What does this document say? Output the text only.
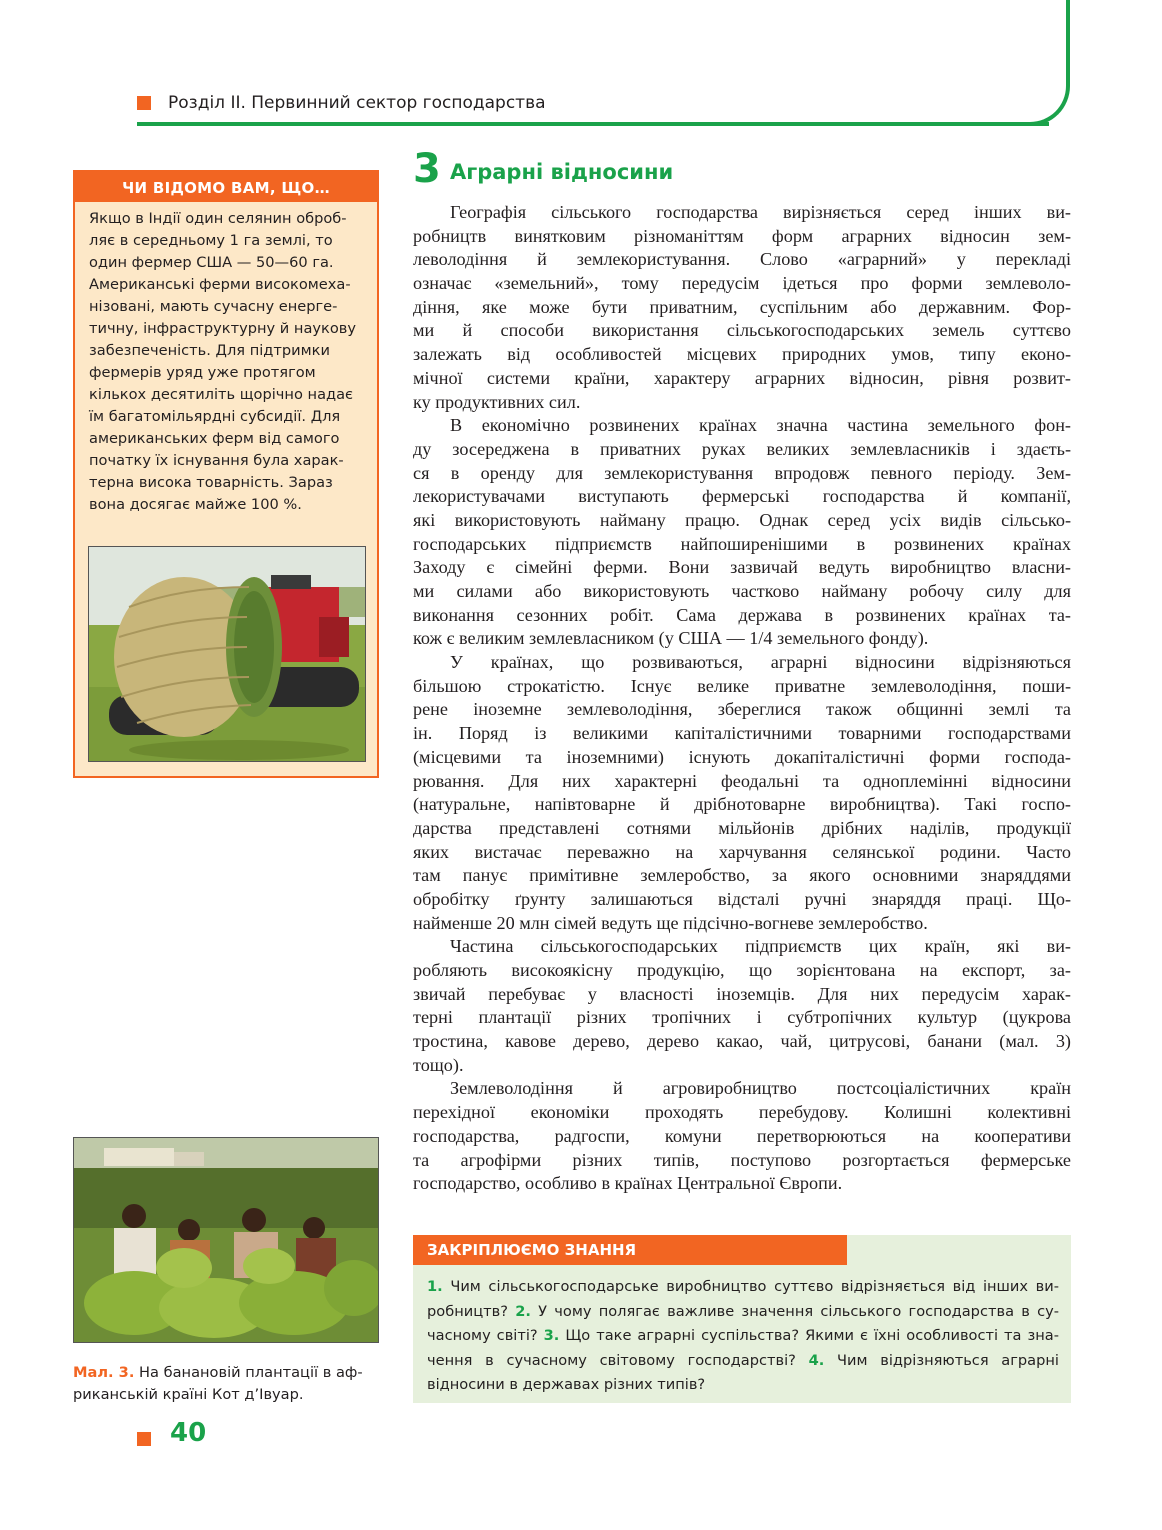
Розділ ІІ. Первинний сектор господарства
ЧИ ВІДОМО ВАМ, ЩО…
Якщо в Індії один селянин оброб-
ляє в середньому 1 га землі, то
один фермер США — 50—60 га.
Американські ферми високомеха-
нізовані, мають сучасну енерге-
тичну, інфраструктурну й наукову
забезпеченість. Для підтримки
фермерів уряд уже протягом
кількох десятиліть щорічно надає
їм багатомільярдні субсидії. Для
американських ферм від самого
початку їх існування була харак-
терна висока товарність. Зараз
вона досягає майже 100 %.
3 Аграрні відносини
Географія сільського господарства вирізняється серед інших ви-
робництв винятковим різноманіттям форм аграрних відносин зем-
леволодіння й землекористування. Слово «аграрний» у перекладі
означає «земельний», тому передусім ідеться про форми землеволо-
діння, яке може бути приватним, суспільним або державним. Фор-
ми й способи використання сільськогосподарських земель суттєво
залежать від особливостей місцевих природних умов, типу еконо-
мічної системи країни, характеру аграрних відносин, рівня розвит-
ку продуктивних сил.
В економічно розвинених країнах значна частина земельного фон-
ду зосереджена в приватних руках великих землевласників і здаєть-
ся в оренду для землекористування впродовж певного періоду. Зем-
лекористувачами виступають фермерські господарства й компанії,
які використовують найману працю. Однак серед усіх видів сільсько-
господарських підприємств найпоширенішими в розвинених країнах
Заходу є сімейні ферми. Вони зазвичай ведуть виробництво власни-
ми силами або використовують частково найману робочу силу для
виконання сезонних робіт. Сама держава в розвинених країнах та-
кож є великим землевласником (у США — 1/4 земельного фонду).
У країнах, що розвиваються, аграрні відносини відрізняються
більшою строкатістю. Існує велике приватне землеволодіння, поши-
рене іноземне землеволодіння, збереглися також общинні землі та
ін. Поряд із великими капіталістичними товарними господарствами
(місцевими та іноземними) існують докапіталістичні форми господа-
рювання. Для них характерні феодальні та одноплемінні відносини
(натуральне, напівтоварне й дрібнотоварне виробництва). Такі госпо-
дарства представлені сотнями мільйонів дрібних наділів, продукції
яких вистачає переважно на харчування селянської родини. Часто
там панує примітивне землеробство, за якого основними знаряддями
обробітку ґрунту залишаються відсталі ручні знаряддя праці. Що-
найменше 20 млн сімей ведуть ще підсічно-вогневе землеробство.
Частина сільськогосподарських підприємств цих країн, які ви-
робляють високоякісну продукцію, що зорієнтована на експорт, за-
звичай перебуває у власності іноземців. Для них передусім харак-
терні плантації різних тропічних і субтропічних культур (цукрова
тростина, кавове дерево, дерево какао, чай, цитрусові, банани (мал. 3)
тощо).
Землеволодіння й агровиробництво постсоціалістичних країн
перехідної економіки проходять перебудову. Колишні колективні
господарства, радгоспи, комуни перетворюються на кооперативи
та агрофірми різних типів, поступово розгортається фермерське
господарство, особливо в країнах Центральної Європи.
Мал. 3. На банановій плантації в аф-
риканській країні Кот д’Івуар.
ЗАКРІПЛЮЄМО ЗНАННЯ
1. Чим сільськогосподарське виробництво суттєво відрізняється від інших ви-
робництв? 2. У чому полягає важливе значення сільського господарства в су-
часному світі? 3. Що таке аграрні суспільства? Якими є їхні особливості та зна-
чення в сучасному світовому господарстві? 4. Чим відрізняються аграрні
відносини в державах різних типів?
40
